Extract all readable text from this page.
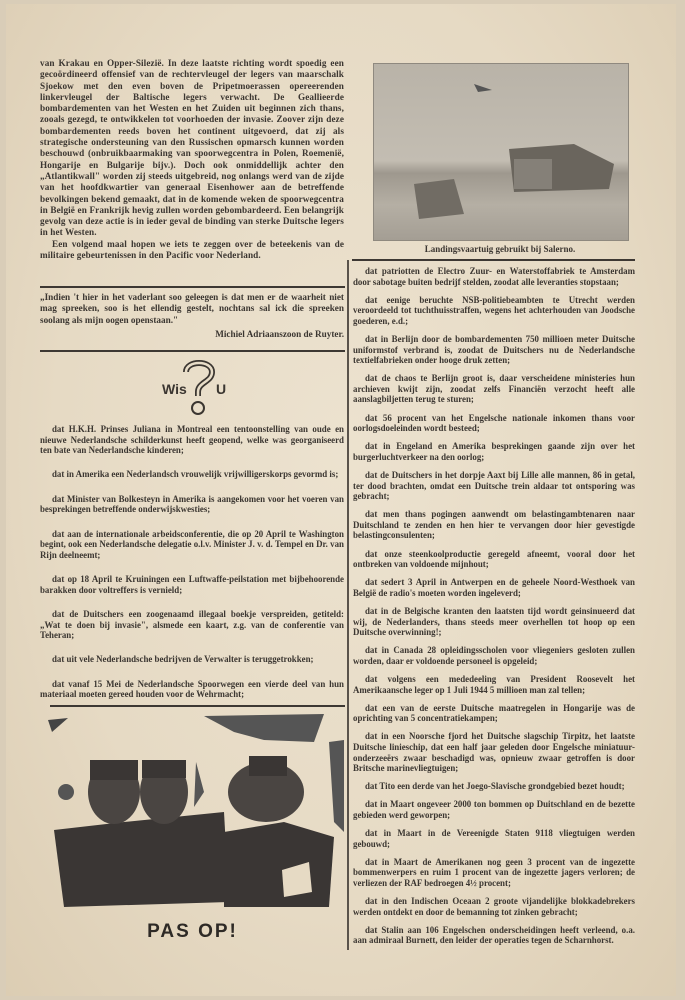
van Krakau en Opper-Silezië. In deze laatste richting wordt spoedig een gecoördineerd offensief van de rechtervleugel der legers van maarschalk Sjoekow met den even boven de Pripetmoerassen opereerenden linkervleugel der Baltische legers verwacht. De Geallieerde bombardementen van het Westen en het Zuiden uit beginnen zich thans, zooals gezegd, te ontwikkelen tot voorhoeden der invasie. Zoover zijn deze bombardementen reeds boven het continent uitgevoerd, dat zij als strategische ondersteuning van den Russischen opmarsch kunnen worden beschouwd (onbruikbaarmaking van spoorwegcentra in Polen, Roemenië, Hongarije en Bulgarije bijv.). Doch ook onmiddellijk achter den „Atlantikwall" worden zij steeds uitgebreid, nog onlangs werd van de zijde van het hoofdkwartier van generaal Eisenhower aan de betreffende bevolkingen bekend gemaakt, dat in de komende weken de spoorwegcentra in België en Frankrijk hevig zullen worden gebombardeerd. Een belangrijk gevolg van deze actie is in ieder geval de binding van sterke Duitsche legers in het Westen.

Een volgend maal hopen we iets te zeggen over de beteekenis van de militaire gebeurtenissen in den Pacific voor Nederland.

„Indien 't hier in het vaderlant soo geleegen is dat men er de waarheit niet mag spreeken, soo is het ellendig gestelt, nochtans sal ick die spreeken soolang als mijn oogen openstaan."
Michiel Adriaanszoon de Ruyter.
Wis U

dat H.K.H. Prinses Juliana in Montreal een tentoonstelling van oude en nieuwe Nederlandsche schilderkunst heeft geopend, welke was georganiseerd ten bate van Nederlandsche kinderen;

dat in Amerika een Nederlandsch vrouwelijk vrijwilligerskorps gevormd is;

dat Minister van Bolkesteyn in Amerika is aangekomen voor het voeren van besprekingen betreffende onderwijskwesties;

dat aan de internationale arbeidsconferentie, die op 20 April te Washington begint, ook een Nederlandsche delegatie o.l.v. Minister J. v. d. Tempel en Dr. van Rijn deelneemt;

dat op 18 April te Kruiningen een Luftwaffe-peilstation met bijbehoorende barakken door voltreffers is vernield;

dat de Duitschers een zoogenaamd illegaal boekje verspreiden, getiteld: „Wat te doen bij invasie", alsmede een kaart, z.g. van de conferentie van Teheran;

dat uit vele Nederlandsche bedrijven de Verwalter is teruggetrokken;

dat vanaf 15 Mei de Nederlandsche Spoorwegen een vierde deel van hun materiaal moeten gereed houden voor de Wehrmacht;

PAS OP!
Landingsvaartuig gebruikt bij Salerno.

dat patriotten de Electro Zuur- en Waterstoffabriek te Amsterdam door sabotage buiten bedrijf stelden, zoodat alle leveranties stopstaan;

dat eenige beruchte NSB-politiebeambten te Utrecht werden veroordeeld tot tuchthuisstraffen, wegens het achterhouden van Joodsche goederen, e.d.;

dat in Berlijn door de bombardementen 750 millioen meter Duitsche uniformstof verbrand is, zoodat de Duitschers nu de Nederlandsche textielfabrieken onder hooge druk zetten;

dat de chaos te Berlijn groot is, daar verscheidene ministeries hun archieven kwijt zijn, zoodat zelfs Financiën verzocht heeft alle aanslagbiljetten terug te sturen;

dat 56 procent van het Engelsche nationale inkomen thans voor oorlogsdoeleinden wordt besteed;

dat in Engeland en Amerika besprekingen gaande zijn over het burgerluchtverkeer na den oorlog;

dat de Duitschers in het dorpje Aaxt bij Lille alle mannen, 86 in getal, ter dood brachten, omdat een Duitsche trein aldaar tot ontsporing was gebracht;

dat men thans pogingen aanwendt om belastingambtenaren naar Duitschland te zenden en hen hier te vervangen door hier gevestigde belastingconsulenten;

dat onze steenkoolproductie geregeld afneemt, vooral door het ontbreken van voldoende mijnhout;

dat sedert 3 April in Antwerpen en de geheele Noord-Westhoek van België de radio's moeten worden ingeleverd;

dat in de Belgische kranten den laatsten tijd wordt geinsinueerd dat wij, de Nederlanders, thans steeds meer overhellen tot hoop op een Duitsche overwinning!;

dat in Canada 28 opleidingsscholen voor vliegeniers gesloten zullen worden, daar er voldoende personeel is opgeleid;

dat volgens een mededeeling van President Roosevelt het Amerikaansche leger op 1 Juli 1944 5 millioen man zal tellen;

dat een van de eerste Duitsche maatregelen in Hongarije was de oprichting van 5 concentratiekampen;

dat in een Noorsche fjord het Duitsche slagschip Tirpitz, het laatste Duitsche linieschip, dat een half jaar geleden door Engelsche miniatuur-onderzeeërs zwaar beschadigd was, opnieuw zwaar getroffen is door Britsche marinevliegtuigen;

dat Tito een derde van het Joego-Slavische grondgebied bezet houdt;

dat in Maart ongeveer 2000 ton bommen op Duitschland en de bezette gebieden werd geworpen;

dat in Maart in de Vereenigde Staten 9118 vliegtuigen werden gebouwd;

dat in Maart de Amerikanen nog geen 3 procent van de ingezette bommenwerpers en ruim 1 procent van de ingezette jagers verloren; de verliezen der RAF bedroegen 4½ procent;

dat in den Indischen Oceaan 2 groote vijandelijke blokkadebrekers werden ontdekt en door de bemanning tot zinken gebracht;

dat Stalin aan 106 Engelschen onderscheidingen heeft verleend, o.a. aan admiraal Burnett, den leider der operaties tegen de Scharnhorst.
